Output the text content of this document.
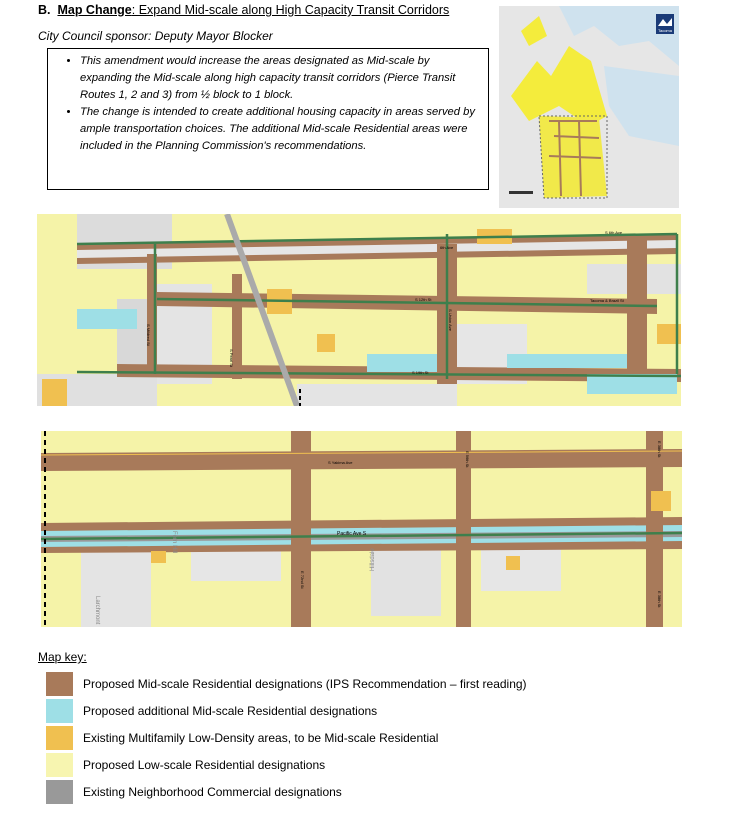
B. Map Change: Expand Mid-scale along High Capacity Transit Corridors
City Council sponsor: Deputy Mayor Blocker
• This amendment would increase the areas designated as Mid-scale by expanding the Mid-scale along high capacity transit corridors (Pierce Transit Routes 1, 2 and 3) from ½ block to 1 block.
• The change is intended to create additional housing capacity in areas served by ample transportation choices. The additional Mid-scale Residential areas were included in the Planning Commission's recommendations.
Tacoma
S 6th Ave
6th Ave
S 12th St
S 19th St
Tacoma & Brazil St
S Mildred St
S Union Ave
S Pearl St
S Yakima Ave
Pacific Ave S
Hillsdale
E 56th St
E 38th St
E 38th St
Larchmont
Fern Hill
E 72nd St
Map key:
Proposed Mid-scale Residential designations (IPS Recommendation – first reading)
Proposed additional Mid-scale Residential designations
Existing Multifamily Low-Density areas, to be Mid-scale Residential
Proposed Low-scale Residential designations
Existing Neighborhood Commercial designations
